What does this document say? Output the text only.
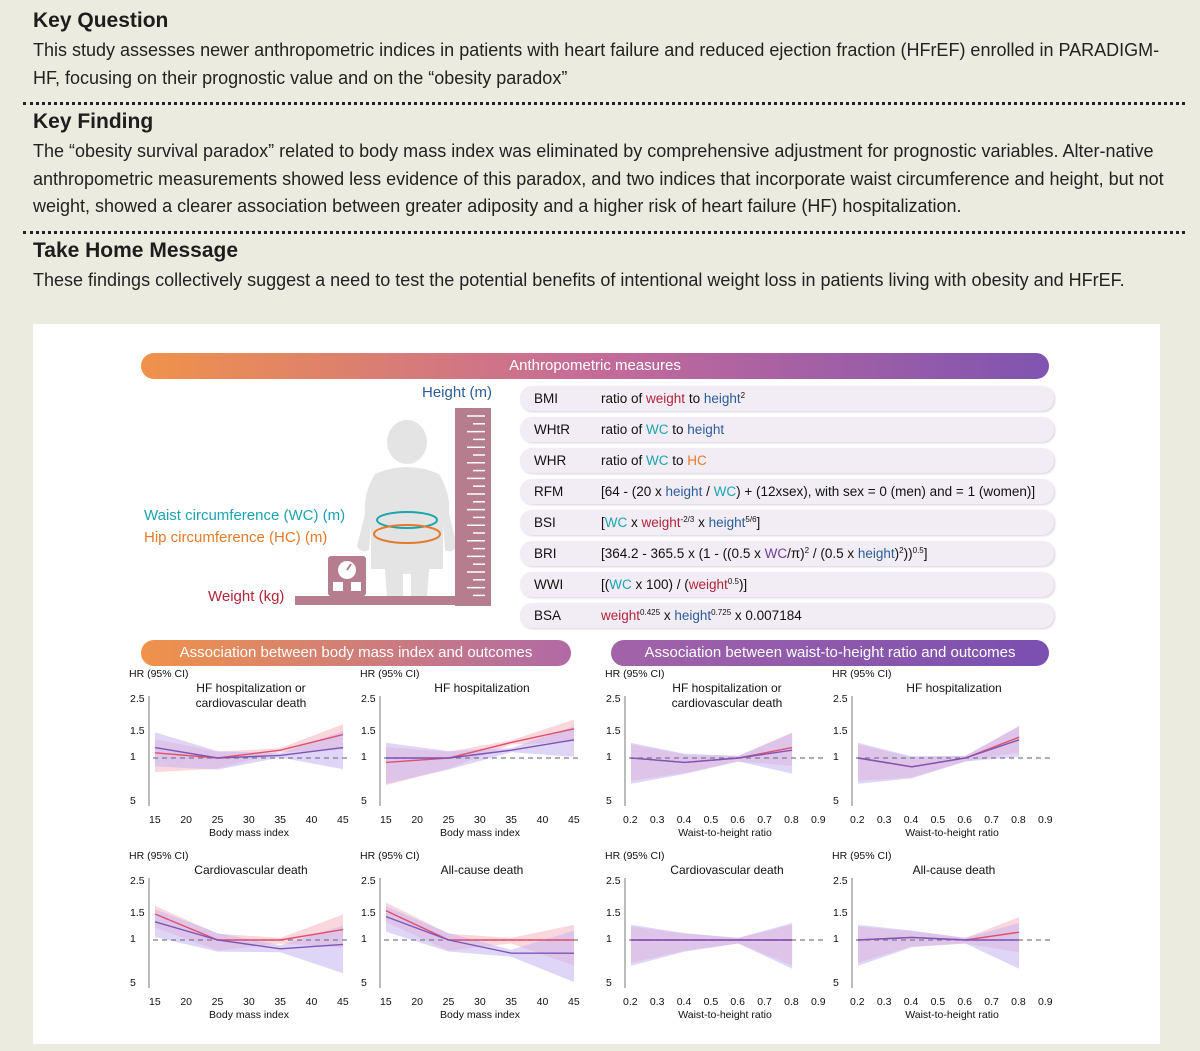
Key Question

This study assesses newer anthropometric indices in patients with heart failure and reduced ejection fraction (HFrEF) enrolled in PARADIGM-HF, focusing on their prognostic value and on the “obesity paradox”

Key Finding

The “obesity survival paradox” related to body mass index was eliminated by comprehensive adjustment for prognostic variables. Alter-native anthropometric measurements showed less evidence of this paradox, and two indices that incorporate waist circumference and height, but not weight, showed a clearer association between greater adiposity and a higher risk of heart failure (HF) hospitalization.

Take Home Message

These findings collectively suggest a need to test the potential benefits of intentional weight loss in patients living with obesity and HFrEF.

Anthropometric measures
Association between body mass index and outcomes	Association between waist-to-height ratio and outcomes
Height (m)
Waist circumference (WC) (m)
Hip circumference (HC) (m)
Weight (kg)
BMI	ratio of weight to height$^2$
WHtR ratio of WC to height
WHR	ratio of WC to HC
RFM	[64 - (20 x height / WC) + (12xsex), with sex = 0 (men) and = 1 (women)]
BSI	[WC x weight$^{-2/3}$ x height$^{5/6}$]
BRI	[364.2 - 365.5 x (1 - ((0.5 x WC/π)$^2$ / (0.5 x height)$^2$))$^{0.5}$]
WWI	[(WC x 100) / (weight$^{0.5}$)]
BSA	weight$^{0.425}$ x height$^{0.725}$ x 0.007184
HR (95% CI)
2.5
1.5
1
5
15 20 25 30 35 40 45
Body mass index
HF hospitalization or cardiovascular death
HR (95% CI)
2.5
1.5
1
5
15 20 25 30 35 40 45
Body mass index
HF hospitalization
HR (95% CI)
2.5
1.5
1
5
0.2 0.3 0.4 0.5 0.6 0.7 0.8 0.9
Waist-to-height ratio
HF hospitalization or cardiovascular death
HR (95% CI)
2.5
1.5
1
5
0.2 0.3 0.4 0.5 0.6 0.7 0.8 0.9
Waist-to-height ratio
HF hospitalization
HR (95% CI)
2.5
1.5
1
5
15 20 25 30 35 40 45
Body mass index
Cardiovascular death
HR (95% CI)
2.5
1.5
1
5
15 20 25 30 35 40 45
Body mass index
All-cause death
HR (95% CI)
2.5
1.5
1
5
0.2 0.3 0.4 0.5 0.6 0.7 0.8 0.9
Waist-to-height ratio
Cardiovascular death
HR (95% CI)
2.5
1.5
1
5
0.2 0.3 0.4 0.5 0.6 0.7 0.8 0.9
Waist-to-height ratio
All-cause death
